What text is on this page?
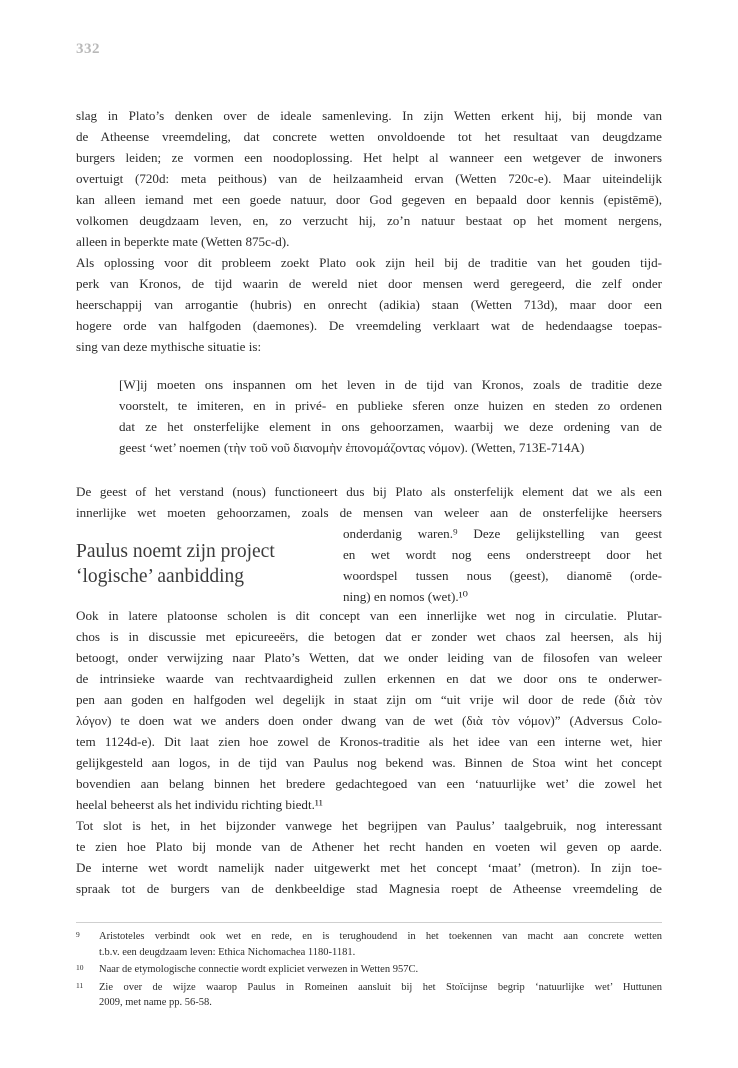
332
slag in Plato’s denken over de ideale samenleving. In zijn Wetten erkent hij, bij monde van
de Atheense vreemdeling, dat concrete wetten onvoldoende tot het resultaat van deugdzame
burgers leiden; ze vormen een noodoplossing. Het helpt al wanneer een wetgever de inwoners
overtuigt (720d: meta peithous) van de heilzaamheid ervan (Wetten 720c-e). Maar uiteindelijk
kan alleen iemand met een goede natuur, door God gegeven en bepaald door kennis (epistēmē),
volkomen deugdzaam leven, en, zo verzucht hij, zo’n natuur bestaat op het moment nergens,
alleen in beperkte mate (Wetten 875c-d).
Als oplossing voor dit probleem zoekt Plato ook zijn heil bij de traditie van het gouden tijd-
perk van Kronos, de tijd waarin de wereld niet door mensen werd geregeerd, die zelf onder
heerschappij van arrogantie (hubris) en onrecht (adikia) staan (Wetten 713d), maar door een
hogere orde van halfgoden (daemones). De vreemdeling verklaart wat de hedendaagse toepas-
sing van deze mythische situatie is:
[W]ij moeten ons inspannen om het leven in de tijd van Kronos, zoals de traditie deze
voorstelt, te imiteren, en in privé- en publieke sferen onze huizen en steden zo ordenen
dat ze het onsterfelijke element in ons gehoorzamen, waarbij we deze ordening van de
geest ‘wet’ noemen (τὴν τοῦ νοῦ διανομὴν ἐπονομάζοντας νόμον). (Wetten, 713E-714A)
De geest of het verstand (nous) functioneert dus bij Plato als onsterfelijk element dat we als een
innerlijke wet moeten gehoorzamen, zoals de mensen van weleer aan de onsterfelijke heersers
Paulus noemt zijn project
‘logische’ aanbidding
onderdanig waren.⁹ Deze gelijkstelling van geest
en wet wordt nog eens onderstreept door het
woordspel tussen nous (geest), dianomē (orde-
ning) en nomos (wet).¹⁰
Ook in latere platoonse scholen is dit concept van een innerlijke wet nog in circulatie. Plutar-
chos is in discussie met epicureeërs, die betogen dat er zonder wet chaos zal heersen, als hij
betoogt, onder verwijzing naar Plato’s Wetten, dat we onder leiding van de filosofen van weleer
de intrinsieke waarde van rechtvaardigheid zullen erkennen en dat we door ons te onderwer-
pen aan goden en halfgoden wel degelijk in staat zijn om “uit vrije wil door de rede (διὰ τὸν
λόγον) te doen wat we anders doen onder dwang van de wet (διὰ τὸν νόμον)” (Adversus Colo-
tem 1124d-e). Dit laat zien hoe zowel de Kronos-traditie als het idee van een interne wet, hier
gelijkgesteld aan logos, in de tijd van Paulus nog bekend was. Binnen de Stoa wint het concept
bovendien aan belang binnen het bredere gedachtegoed van een ‘natuurlijke wet’ die zowel het
heelal beheerst als het individu richting biedt.¹¹
Tot slot is het, in het bijzonder vanwege het begrijpen van Paulus’ taalgebruik, nog interessant
te zien hoe Plato bij monde van de Athener het recht handen en voeten wil geven op aarde.
De interne wet wordt namelijk nader uitgewerkt met het concept ‘maat’ (metron). In zijn toe-
spraak tot de burgers van de denkbeeldige stad Magnesia roept de Atheense vreemdeling de
9 Aristoteles verbindt ook wet en rede, en is terughoudend in het toekennen van macht aan concrete wetten
t.b.v. een deugdzaam leven: Ethica Nichomachea 1180-1181.
10 Naar de etymologische connectie wordt expliciet verwezen in Wetten 957C.
11 Zie over de wijze waarop Paulus in Romeinen aansluit bij het Stoïcijnse begrip ‘natuurlijke wet’ Huttunen
2009, met name pp. 56-58.
